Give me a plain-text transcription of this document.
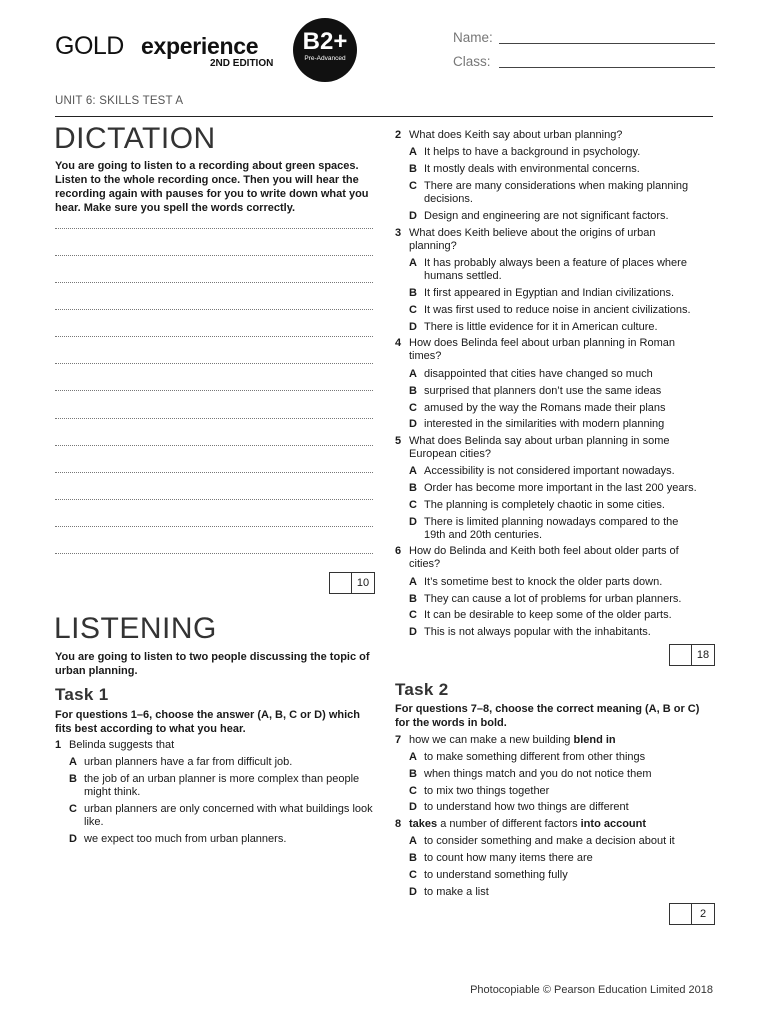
GOLD experience
2ND EDITION
B2+
Pre-Advanced
Name:
Class:
UNIT 6: SKILLS TEST A
DICTATION
You are going to listen to a recording about green spaces. Listen to the whole recording once. Then you will hear the recording again with pauses for you to write down what you hear. Make sure you spell the words correctly.
10
LISTENING
You are going to listen to two people discussing the topic of urban planning.
Task 1
For questions 1–6, choose the answer (A, B, C or D) which fits best according to what you hear.
1 Belinda suggests that
A urban planners have a far from difficult job.
B the job of an urban planner is more complex than people might think.
C urban planners are only concerned with what buildings look like.
D we expect too much from urban planners.
2 What does Keith say about urban planning?
A It helps to have a background in psychology.
B It mostly deals with environmental concerns.
C There are many considerations when making planning decisions.
D Design and engineering are not significant factors.
3 What does Keith believe about the origins of urban planning?
A It has probably always been a feature of places where humans settled.
B It first appeared in Egyptian and Indian civilizations.
C It was first used to reduce noise in ancient civilizations.
D There is little evidence for it in American culture.
4 How does Belinda feel about urban planning in Roman times?
A disappointed that cities have changed so much
B surprised that planners don’t use the same ideas
C amused by the way the Romans made their plans
D interested in the similarities with modern planning
5 What does Belinda say about urban planning in some European cities?
A Accessibility is not considered important nowadays.
B Order has become more important in the last 200 years.
C The planning is completely chaotic in some cities.
D There is limited planning nowadays compared to the 19th and 20th centuries.
6 How do Belinda and Keith both feel about older parts of cities?
A It’s sometime best to knock the older parts down.
B They can cause a lot of problems for urban planners.
C It can be desirable to keep some of the older parts.
D This is not always popular with the inhabitants.
18
Task 2
For questions 7–8, choose the correct meaning (A, B or C) for the words in bold.
7 how we can make a new building blend in
A to make something different from other things
B when things match and you do not notice them
C to mix two things together
D to understand how two things are different
8 takes a number of different factors into account
A to consider something and make a decision about it
B to count how many items there are
C to understand something fully
D to make a list
2
Photocopiable © Pearson Education Limited 2018
